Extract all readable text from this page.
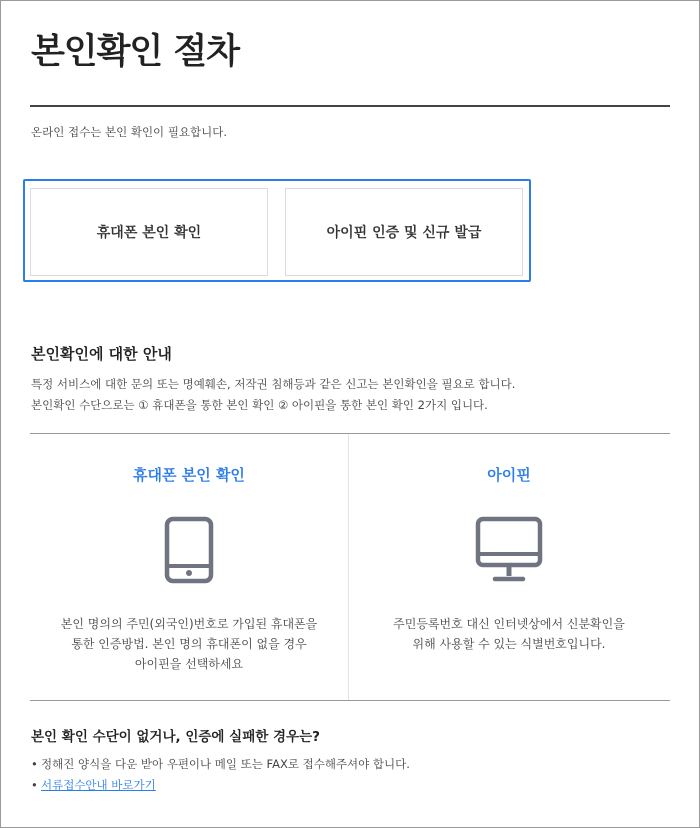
본인확인 절차
온라인 접수는 본인 확인이 필요합니다.
휴대폰 본인 확인	아이핀 인증 및 신규 발급
본인확인에 대한 안내
특정 서비스에 대한 문의 또는 명예훼손, 저작권 침해등과 같은 신고는 본인확인을 필요로 합니다.
본인확인 수단으로는 ① 휴대폰을 통한 본인 확인 ② 아이핀을 통한 본인 확인 2가지 입니다.
휴대폰 본인 확인
본인 명의의 주민(외국인)번호로 가입된 휴대폰을
통한 인증방법. 본인 명의 휴대폰이 없을 경우
아이핀을 선택하세요
아이핀
주민등록번호 대신 인터넷상에서 신분확인을
위해 사용할 수 있는 식별번호입니다.
본인 확인 수단이 없거나, 인증에 실패한 경우는?
• 정해진 양식을 다운 받아 우편이나 메일 또는 FAX로 접수해주셔야 합니다.
• 서류접수안내 바로가기
